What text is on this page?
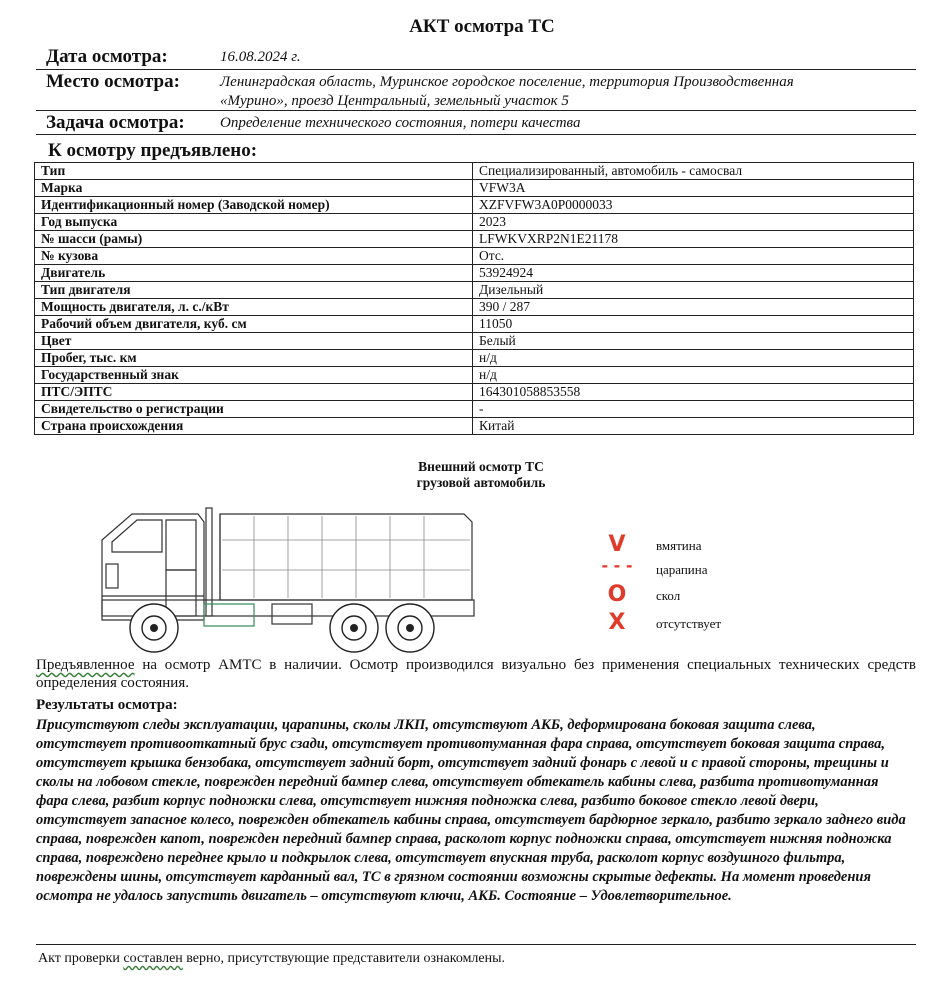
АКТ осмотра ТС
Дата осмотра:	16.08.2024 г.
Место осмотра:	Ленинградская область, Муринское городское поселение, территория Производственная
«Мурино», проезд Центральный, земельный участок 5
Задача осмотра: Определение технического состояния, потери качества
К осмотру предъявлено:
Тип	Специализированный, автомобиль - самосвал
Марка	VFW3A
Идентификационный номер (Заводской номер)	XZFVFW3A0P0000033
Год выпуска	2023
№ шасси (рамы)	LFWKVXRP2N1E21178
№ кузова	Отс.
Двигатель	53924924
Тип двигателя	Дизельный
Мощность двигателя, л. с./кВт	390 / 287
Рабочий объем двигателя, куб. см	11050
Цвет	Белый
Пробег, тыс. км	н/д
Государственный знак	н/д
ПТС/ЭПТС	164301058853558
Свидетельство о регистрации	-
Страна происхождения	Китай
Внешний осмотр ТС
грузовой автомобиль
V	вмятина
- - - царапина
O	скол
X	отсутствует
Предъявленное на осмотр АМТС в наличии. Осмотр производился визуально без применения специальных технических средств определения состояния.
Результаты осмотра:
Присутствуют следы эксплуатации, царапины, сколы ЛКП, отсутствуют АКБ, деформирована боковая защита слева, отсутствует противооткатный брус сзади, отсутствует противотуманная фара справа, отсутствует боковая защита справа, отсутствует крышка бензобака, отсутствует задний борт, отсутствует задний фонарь с левой и с правой стороны, трещины и сколы на лобовом стекле, поврежден передний бампер слева, отсутствует обтекатель кабины слева, разбита противотуманная фара слева, разбит корпус подножки слева, отсутствует нижняя подножка слева, разбито боковое стекло левой двери, отсутствует запасное колесо, поврежден обтекатель кабины справа, отсутствует бардюрное зеркало, разбито зеркало заднего вида справа, поврежден капот, поврежден передний бампер справа, расколот корпус подножки справа, отсутствует нижняя подножка справа, повреждено переднее крыло и подкрылок слева, отсутствует впускная труба, расколот корпус воздушного фильтра, повреждены шины, отсутствует карданный вал, ТС в грязном состоянии возможны скрытые дефекты. На момент проведения осмотра не удалось запустить двигатель – отсутствуют ключи, АКБ. Состояние – Удовлетворительное.
Акт проверки составлен верно, присутствующие представители ознакомлены.
